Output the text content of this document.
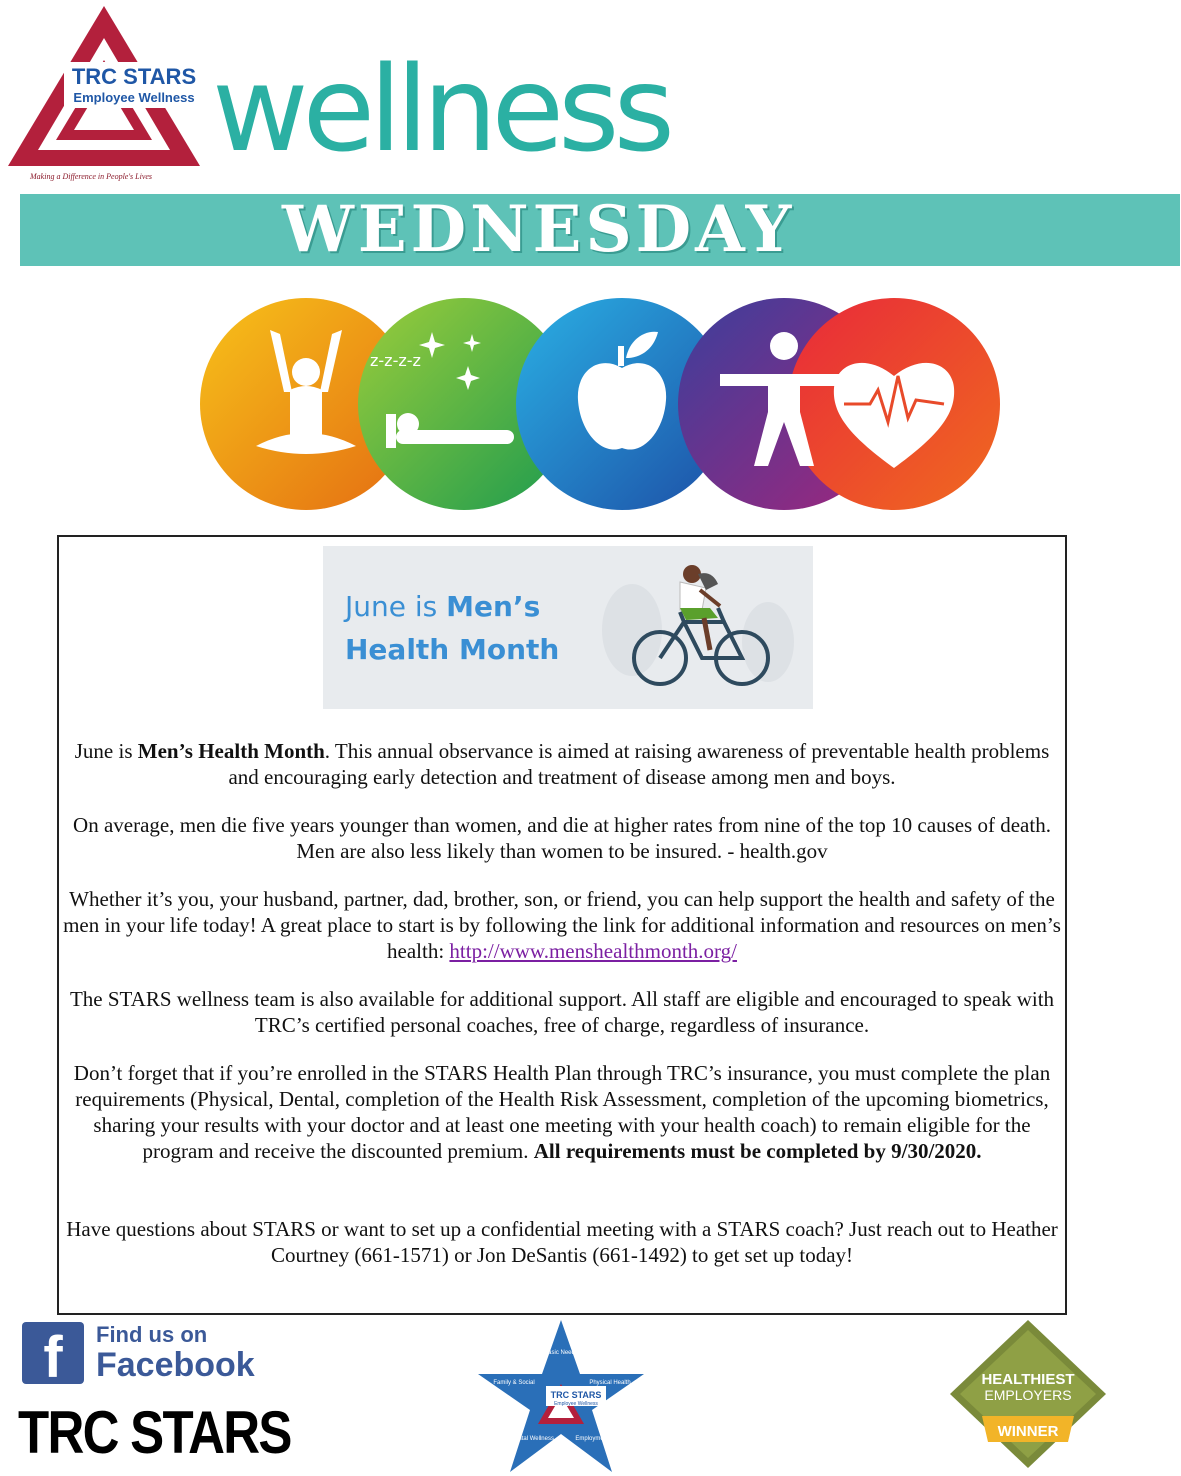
TRC STARS
Employee Wellness
Making a Difference in People's Lives wellness
WEDNESDAY
z-z-z-z
June is Men’s
Health Month

June is Men’s Health Month. This annual observance is aimed at raising awareness of preventable health problems and encouraging early detection and treatment of disease among men and boys.

On average, men die five years younger than women, and die at higher rates from nine of the top 10 causes of death. Men are also less likely than women to be insured. - health.gov

Whether it’s you, your husband, partner, dad, brother, son, or friend, you can help support the health and safety of the men in your life today! A great place to start is by following the link for additional information and resources on men’s health: http://www.menshealthmonth.org/

The STARS wellness team is also available for additional support. All staff are eligible and encouraged to speak with TRC’s certified personal coaches, free of charge, regardless of insurance.

Don’t forget that if you’re enrolled in the STARS Health Plan through TRC’s insurance, you must complete the plan requirements (Physical, Dental, completion of the Health Risk Assessment, completion of the upcoming biometrics, sharing your results with your doctor and at least one meeting with your health coach) to remain eligible for the program and receive the discounted premium. All requirements must be completed by 9/30/2020.

Have questions about STARS or want to set up a confidential meeting with a STARS coach? Just reach out to Heather Courtney (661-1571) or Jon DeSantis (661-1492) to get set up today!

f	Find us on
Facebook
TRC STARS
TRC STARS
Employee Wellness
Basic Needs
Physical Health
Employment
Mental Wellness
Family & Social	HEALTHIEST
EMPLOYERS
WINNER
